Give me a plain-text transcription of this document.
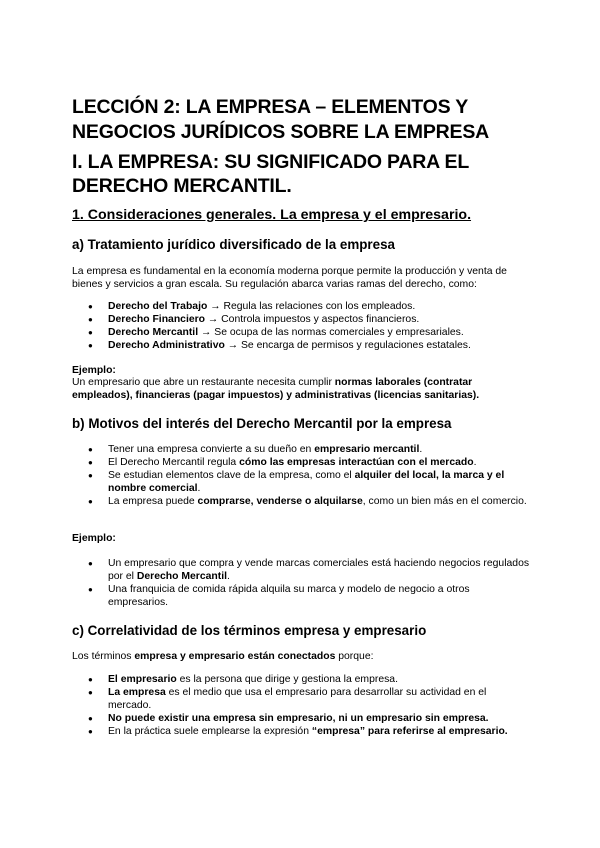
LECCIÓN 2: LA EMPRESA – ELEMENTOS Y
NEGOCIOS JURÍDICOS SOBRE LA EMPRESA
I. LA EMPRESA: SU SIGNIFICADO PARA EL
DERECHO MERCANTIL.
1. Consideraciones generales. La empresa y el empresario.
a) Tratamiento jurídico diversificado de la empresa
La empresa es fundamental en la economía moderna porque permite la producción y venta de bienes y servicios a gran escala. Su regulación abarca varias ramas del derecho, como:
● Derecho del Trabajo → Regula las relaciones con los empleados.
● Derecho Financiero → Controla impuestos y aspectos financieros.
● Derecho Mercantil → Se ocupa de las normas comerciales y empresariales.
● Derecho Administrativo → Se encarga de permisos y regulaciones estatales.
Ejemplo:
Un empresario que abre un restaurante necesita cumplir normas laborales (contratar empleados), financieras (pagar impuestos) y administrativas (licencias sanitarias).
b) Motivos del interés del Derecho Mercantil por la empresa
● Tener una empresa convierte a su dueño en empresario mercantil.
● El Derecho Mercantil regula cómo las empresas interactúan con el mercado.
● Se estudian elementos clave de la empresa, como el alquiler del local, la marca y el nombre comercial.
● La empresa puede comprarse, venderse o alquilarse, como un bien más en el comercio.
Ejemplo:
● Un empresario que compra y vende marcas comerciales está haciendo negocios regulados por el Derecho Mercantil.
● Una franquicia de comida rápida alquila su marca y modelo de negocio a otros empresarios.
c) Correlatividad de los términos empresa y empresario
Los términos empresa y empresario están conectados porque:
● El empresario es la persona que dirige y gestiona la empresa.
● La empresa es el medio que usa el empresario para desarrollar su actividad en el mercado.
● No puede existir una empresa sin empresario, ni un empresario sin empresa.
● En la práctica suele emplearse la expresión “empresa” para referirse al empresario.
